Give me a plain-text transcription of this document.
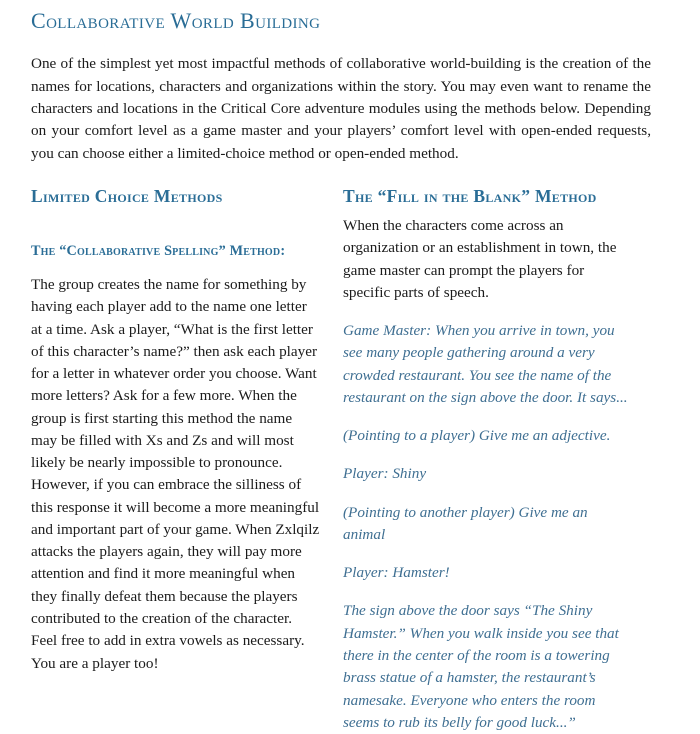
Collaborative World Building

One of the simplest yet most impactful methods of collaborative world-building is the creation of the names for locations, characters and organizations within the story. You may even want to rename the characters and locations in the Critical Core adventure modules using the methods below. Depending on your comfort level as a game master and your players’ comfort level with open-ended requests, you can choose either a limited-choice method or open-ended method.

Limited Choice Methods
The “Collaborative Spelling” Method:

The group creates the name for something by having each player add to the name one letter at a time. Ask a player, “What is the first letter of this character’s name?” then ask each player for a letter in whatever order you choose. Want more letters? Ask for a few more. When the group is first starting this method the name may be filled with Xs and Zs and will most likely be nearly impossible to pronounce. However, if you can embrace the silliness of this response it will become a more meaningful and important part of your game. When Zxlqilz attacks the players again, they will pay more attention and find it more meaningful when they finally defeat them because the players contributed to the creation of the character. Feel free to add in extra vowels as necessary. You are a player too!

The “Fill in the Blank” Method

When the characters come across an organization or an establishment in town, the game master can prompt the players for specific parts of speech.

Game Master: When you arrive in town, you see many people gathering around a very crowded restaurant. You see the name of the restaurant on the sign above the door. It says...

(Pointing to a player) Give me an adjective.

Player: Shiny

(Pointing to another player) Give me an animal

Player: Hamster!

The sign above the door says “The Shiny Hamster.” When you walk inside you see that there in the center of the room is a towering brass statue of a hamster, the restaurant’s namesake. Everyone who enters the room seems to rub its belly for good luck...”
